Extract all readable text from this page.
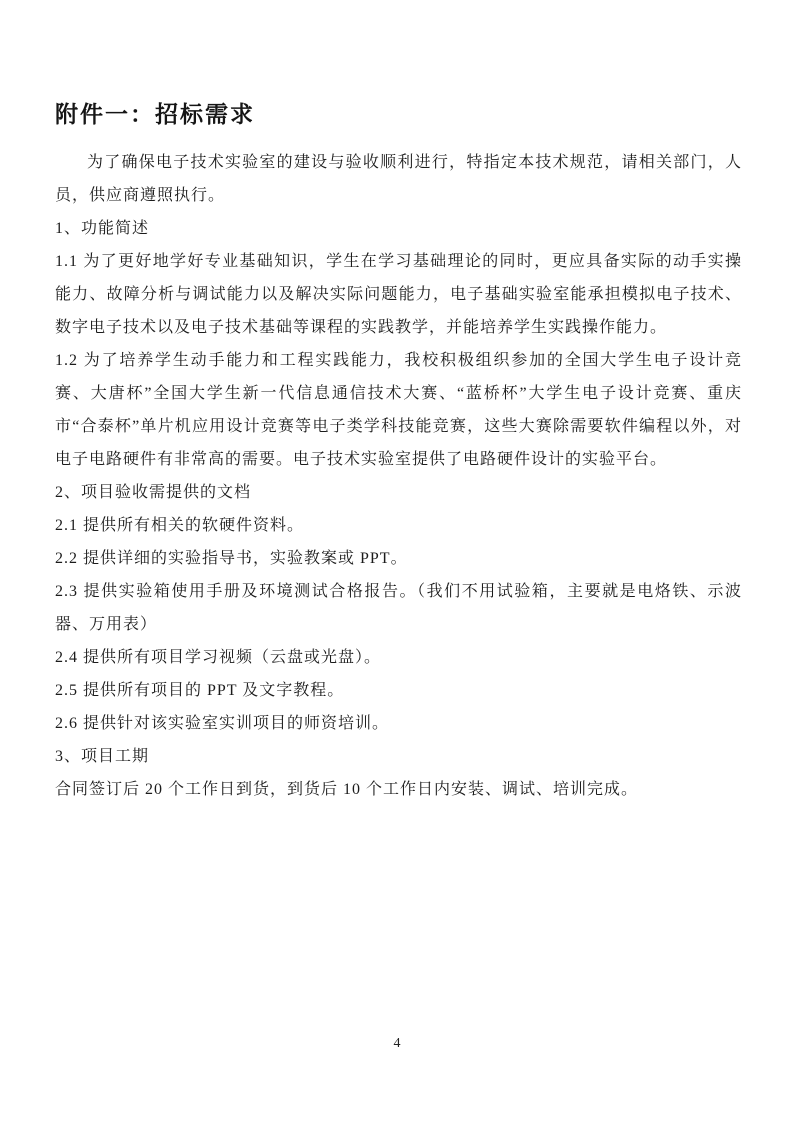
附件一：招标需求

为了确保电子技术实验室的建设与验收顺利进行，特指定本技术规范，请相关部门，人员，供应商遵照执行。

1、功能简述

1.1 为了更好地学好专业基础知识，学生在学习基础理论的同时，更应具备实际的动手实操能力、故障分析与调试能力以及解决实际问题能力，电子基础实验室能承担模拟电子技术、数字电子技术以及电子技术基础等课程的实践教学，并能培养学生实践操作能力。

1.2 为了培养学生动手能力和工程实践能力，我校积极组织参加的全国大学生电子设计竞赛、大唐杯”全国大学生新一代信息通信技术大赛、“蓝桥杯”大学生电子设计竞赛、重庆市“合泰杯”单片机应用设计竞赛等电子类学科技能竞赛，这些大赛除需要软件编程以外，对电子电路硬件有非常高的需要。电子技术实验室提供了电路硬件设计的实验平台。

2、项目验收需提供的文档

2.1 提供所有相关的软硬件资料。

2.2 提供详细的实验指导书，实验教案或 PPT。

2.3 提供实验箱使用手册及环境测试合格报告。（我们不用试验箱，主要就是电烙铁、示波器、万用表）

2.4 提供所有项目学习视频（云盘或光盘）。

2.5 提供所有项目的 PPT 及文字教程。

2.6 提供针对该实验室实训项目的师资培训。

3、项目工期

合同签订后 20 个工作日到货，到货后 10 个工作日内安装、调试、培训完成。

4
